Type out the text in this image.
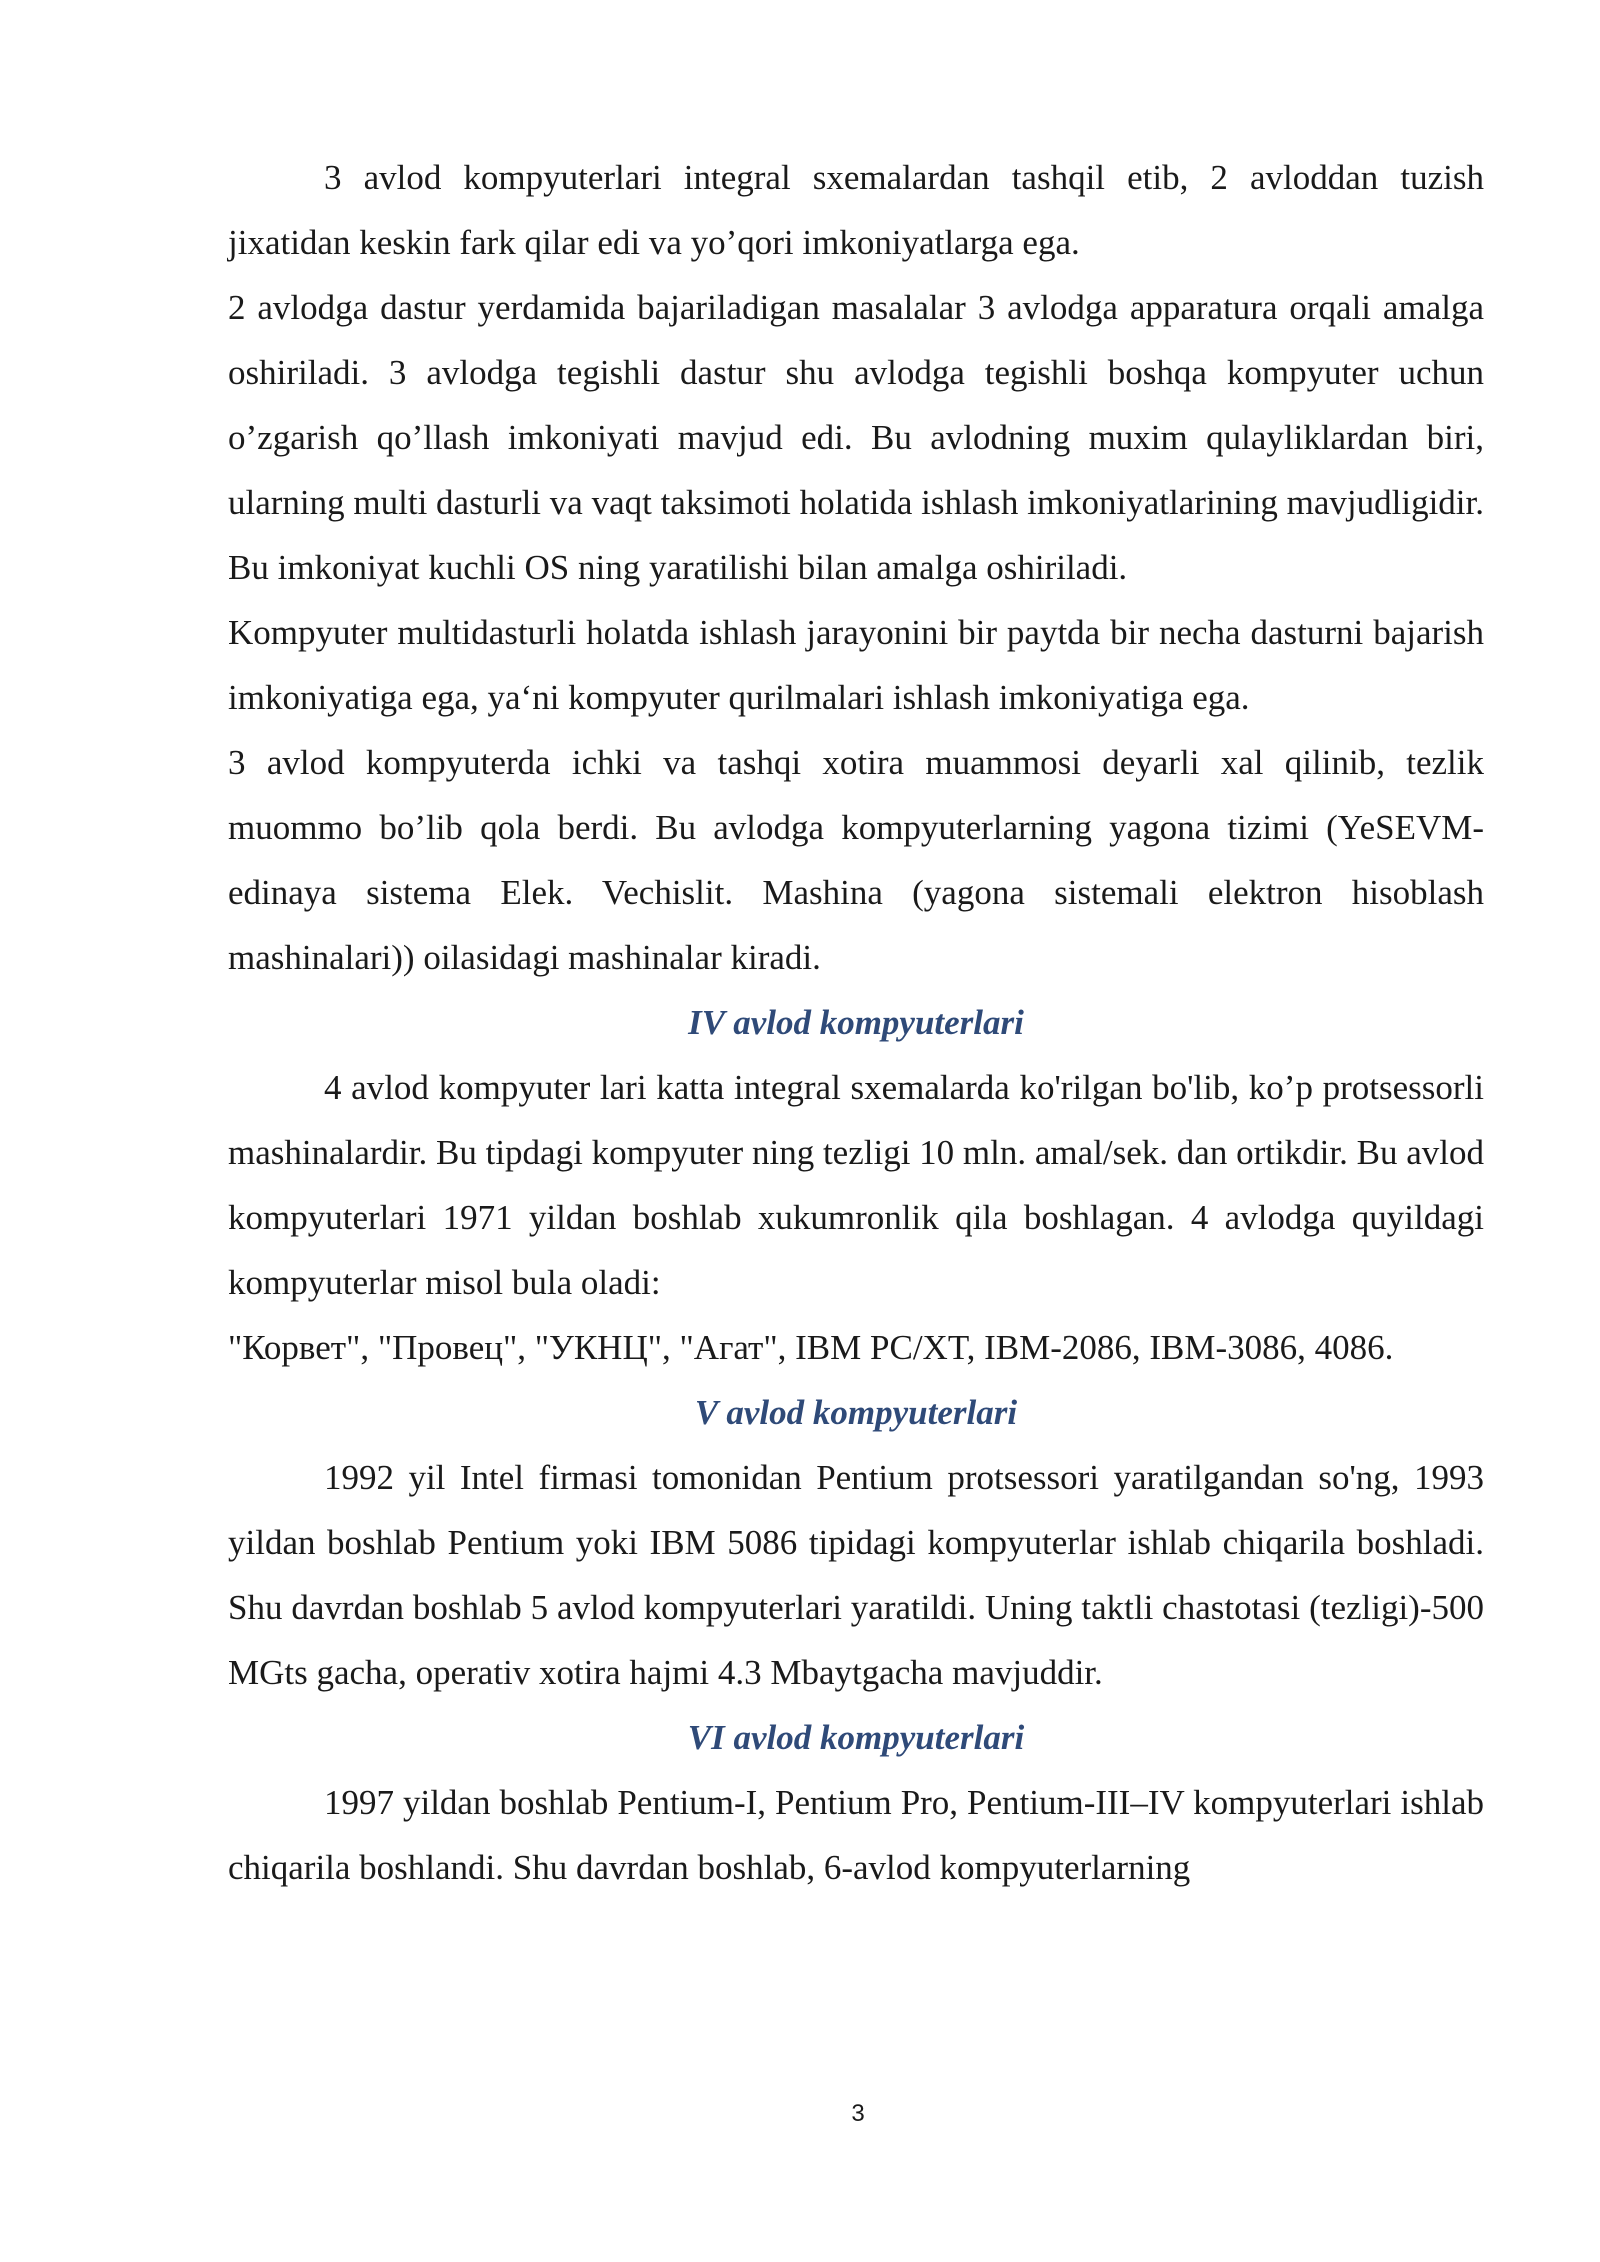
3 avlod kompyuterlari integral sxemalardan tashqil etib, 2 avloddan tuzish jixatidan keskin fark qilar edi va yo’qori imkoniyatlarga ega.

2 avlodga dastur yerdamida bajariladigan masalalar 3 avlodga apparatura orqali amalga oshiriladi. 3 avlodga tegishli dastur shu avlodga tegishli boshqa kompyuter uchun o’zgarish qo’llash imkoniyati mavjud edi. Bu avlodning muxim qulayliklardan biri, ularning multi dasturli va vaqt taksimoti holatida ishlash imkoniyatlarining mavjudligidir. Bu imkoniyat kuchli OS ning yaratilishi bilan amalga oshiriladi.

Kompyuter multidasturli holatda ishlash jarayonini bir paytda bir necha dasturni bajarish imkoniyatiga ega, ya‘ni kompyuter qurilmalari ishlash imkoniyatiga ega.

3 avlod kompyuterda ichki va tashqi xotira muammosi deyarli xal qilinib, tezlik muommo bo’lib qola berdi. Bu avlodga kompyuterlarning yagona tizimi (YeSEVM-edinaya sistema Elek. Vechislit. Mashina (yagona sistemali elektron hisoblash mashinalari)) oilasidagi mashinalar kiradi.

IV avlod kompyuterlari

4 avlod kompyuter lari katta integral sxemalarda ko'rilgan bo'lib, ko’p protsessorli mashinalardir. Bu tipdagi kompyuter ning tezligi 10 mln. amal/sek. dan ortikdir. Bu avlod kompyuterlari 1971 yildan boshlab xukumronlik qila boshlagan. 4 avlodga quyildagi kompyuterlar misol bula oladi:

"Корвет", "Провец", "УКНЦ", "Агат", IBM PC/XT, IBM-2086, IBM-3086, 4086.

V avlod kompyuterlari

1992 yil Intel firmasi tomonidan Pentium protsessori yaratilgandan so'ng, 1993 yildan boshlab Pentium yoki IBM 5086 tipidagi kompyuterlar ishlab chiqarila boshladi. Shu davrdan boshlab 5 avlod kompyuterlari yaratildi. Uning taktli chastotasi (tezligi)-500 MGts gacha, operativ xotira hajmi 4.3 Mbaytgacha mavjuddir.

VI avlod kompyuterlari

1997 yildan boshlab Pentium-I, Pentium Pro, Pentium-III–IV kompyuterlari ishlab chiqarila boshlandi. Shu davrdan boshlab, 6-avlod kompyuterlarning

3
